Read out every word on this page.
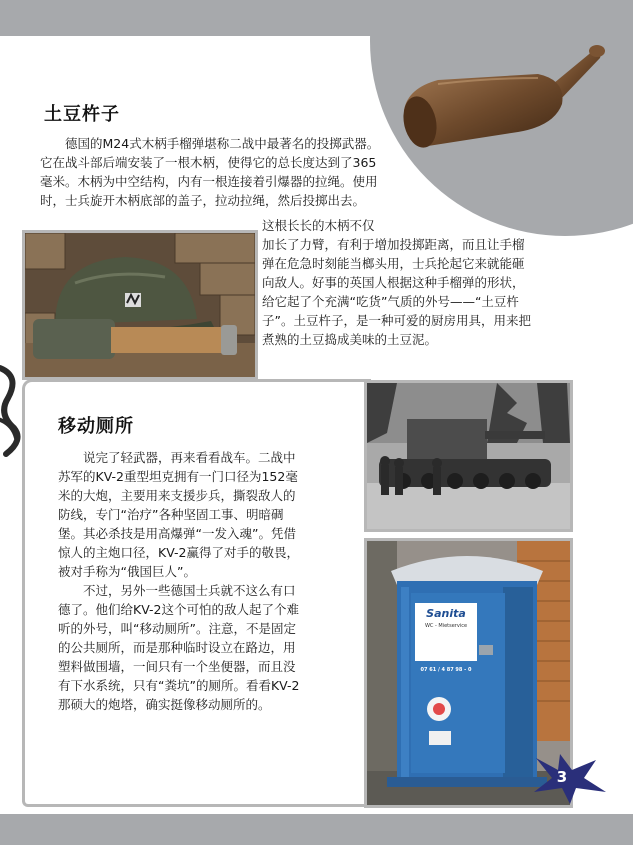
土豆杵子

德国的M24式木柄手榴弹堪称二战中最著名的投掷武器。它在战斗部后端安装了一根木柄，使得它的总长度达到了365毫米。木柄为中空结构，内有一根连接着引爆器的拉绳。使用时，士兵旋开木柄底部的盖子，拉动拉绳，然后投掷出去。

这根长长的木柄不仅

加长了力臂，有利于增加投掷距离，而且让手榴弹在危急时刻能当榔头用，士兵抡起它来就能砸向敌人。好事的英国人根据这种手榴弹的形状，给它起了个充满“吃货”气质的外号——“土豆杵子”。土豆杵子，是一种可爱的厨房用具，用来把煮熟的土豆捣成美味的土豆泥。

移动厕所

说完了轻武器，再来看看战车。二战中苏军的KV-2重型坦克拥有一门口径为152毫米的大炮，主要用来支援步兵，撕裂敌人的防线，专门“治疗”各种坚固工事、明暗碉堡。其必杀技是用高爆弹“一发入魂”。凭借惊人的主炮口径，KV-2赢得了对手的敬畏，被对手称为“俄国巨人”。

不过，另外一些德国士兵就不这么有口德了。他们给KV-2这个可怕的敌人起了个难听的外号，叫“移动厕所”。注意，不是固定的公共厕所，而是那种临时设立在路边，用塑料做围墙，一间只有一个坐便器，而且没有下水系统，只有“粪坑”的厕所。看看KV-2那硕大的炮塔，确实挺像移动厕所的。

Sanita
WC - Mietservice
07 61 / 4 87 98 - 0
3
